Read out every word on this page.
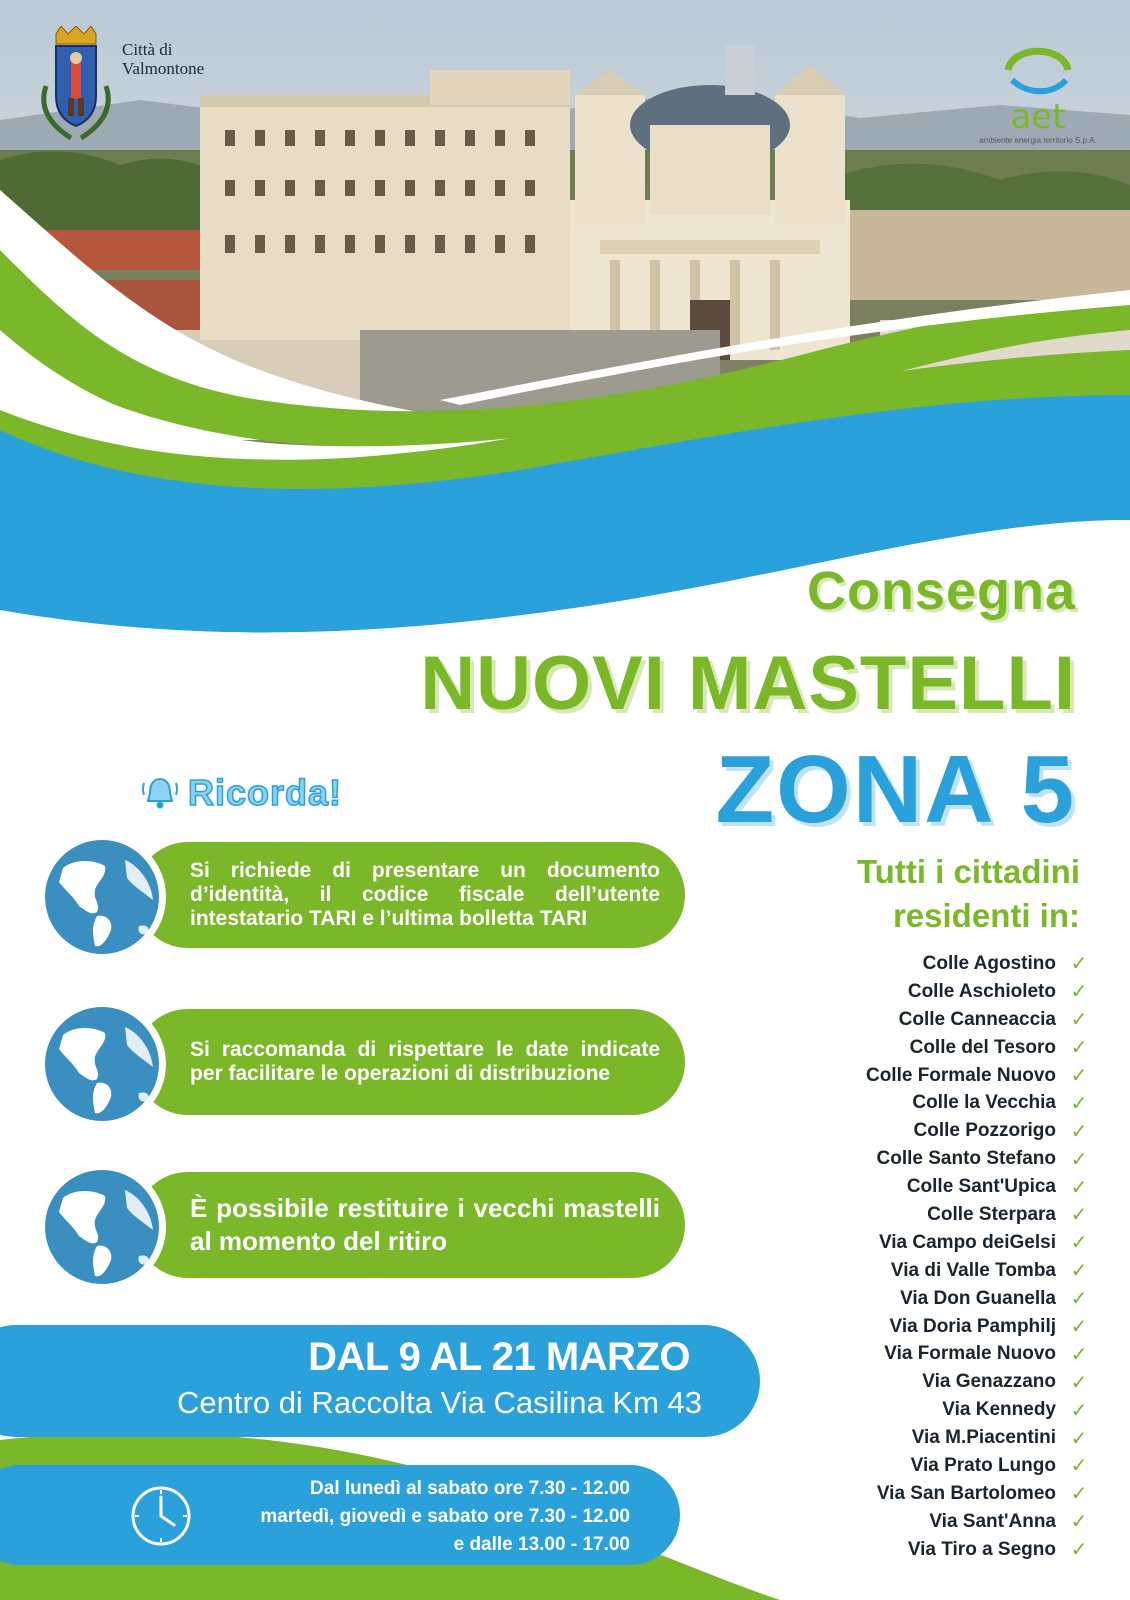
Città di
Valmontone
aet
ambiente energia territorio S.p.A.
Consegna
NUOVI MASTELLI
ZONA 5
Tutti i cittadini
residenti in:
Colle Agostino ✓
Colle Aschioleto ✓
Colle Canneaccia ✓
Colle del Tesoro ✓
Colle Formale Nuovo ✓
Colle la Vecchia ✓
Colle Pozzorigo ✓
Colle Santo Stefano ✓
Colle Sant'Upica ✓
Colle Sterpara ✓
Via Campo deiGelsi ✓
Via di Valle Tomba ✓
Via Don Guanella ✓
Via Doria Pamphilj ✓
Via Formale Nuovo ✓
Via Genazzano ✓
Via Kennedy ✓
Via M.Piacentini ✓
Via Prato Lungo ✓
Via San Bartolomeo ✓
Via Sant'Anna ✓
Via Tiro a Segno ✓
Ricorda!
Si richiede di presentare un documento d’identità, il codice fiscale dell’utente intestatario TARI e l’ultima bolletta TARI
Si raccomanda di rispettare le date indicate per facilitare le operazioni di distribuzione
È possibile restituire i vecchi mastelli al momento del ritiro
DAL 9 AL 21 MARZO
Centro di Raccolta Via Casilina Km 43
Dal lunedì al sabato ore 7.30 - 12.00
martedì, giovedì e sabato ore 7.30 - 12.00
e dalle 13.00 - 17.00
